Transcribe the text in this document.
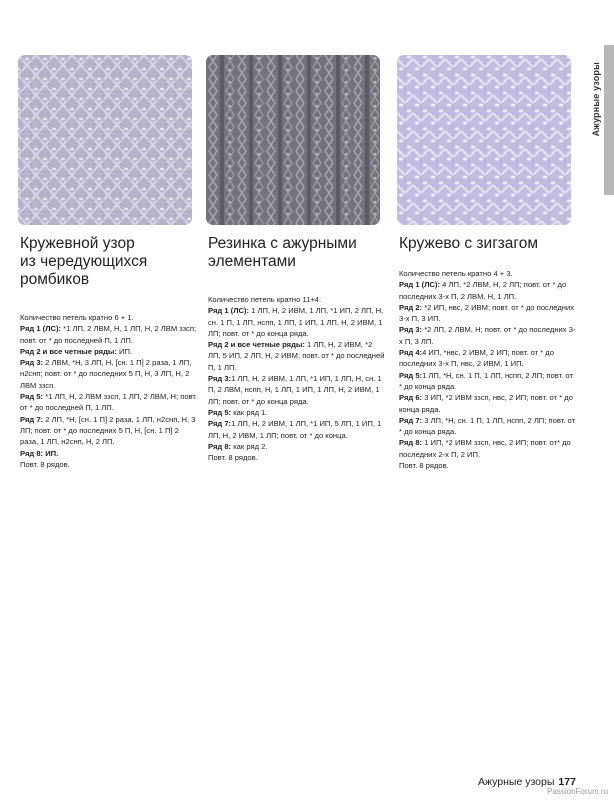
Ажурные узоры
Кружевной узор
из чередующихся
ромбиков

Количество петель кратно 6 + 1.

Ряд 1 (ЛС): *1 ЛП, 2 ЛВМ, Н, 1 ЛП, Н, 2 ЛВМ ззсп; повт. от * до последней П, 1 ЛП.

Ряд 2 и все четные ряды: ИП.

Ряд 3: 2 ЛВМ, *Н, 3 ЛП, Н, [сн. 1 П] 2 раза, 1 ЛП, н2снп; повт. от * до последних 5 П, Н, 3 ЛП, Н, 2 ЛВМ ззсп.

Ряд 5: *1 ЛП, Н, 2 ЛВМ ззсп, 1 ЛП, 2 ЛВМ, Н; повт. от * до последней П, 1 ЛП.

Ряд 7: 2 ЛП, *Н, [сн. 1 П] 2 раза, 1 ЛП, н2снп, Н, 3 ЛП; повт. от * до последних 5 П, Н, [сн. 1 П] 2 раза, 1 ЛП, н2снп, Н, 2 ЛП.

Ряд 8: ИП.

Повт. 8 рядов.

Резинка с ажурными
элементами

Количество петель кратно 11+4.

Ряд 1 (ЛС): 1 ЛП, Н, 2 ИВМ, 1 ЛП, *1 ИП, 2 ЛП, Н, сн. 1 П, 1 ЛП, нспп, 1 ЛП, 1 ИП, 1 ЛП, Н, 2 ИВМ, 1 ЛП; повт. от * до конца ряда.

Ряд 2 и все четные ряды: 1 ЛП, Н, 2 ИВМ, *2 ЛП, 5 ИП, 2 ЛП, Н, 2 ИВМ; повт. от * до последней П, 1 ЛП.

Ряд 3:1 ЛП, Н, 2 ИВМ, 1 ЛП, *1 ИП, 1 ЛП, Н, сн. 1 П, 2 ЛВМ, нспп, Н, 1 ЛП, 1 ИП, 1 ЛП, Н, 2 ИВМ, 1 ЛП; повт. от * до конца ряда.

Ряд 5: как ряд 1.

Ряд 7:1 ЛП, Н, 2 ИВМ, 1 ЛП, *1 ИП, 5 ЛП, 1 ИП, 1 ЛП, Н, 2 ИВМ, 1 ЛП; повт. от * до конца.

Ряд 8: как ряд 2.

Повт. 8 рядов.

Кружево с зигзагом

Количество петель кратно 4 + 3.

Ряд 1 (ЛС): 4 ЛП, *2 ЛВМ, Н, 2 ЛП; повт. от * до последних 3-х П, 2 ЛВМ, Н, 1 ЛП.

Ряд 2: *2 ИП, нвс, 2 ИВМ; повт. от * до последних 3-х П, 3 ИП.

Ряд 3: *2 ЛП, 2 ЛВМ, Н; повт. от * до последних 3-х П, 3 ЛП.

Ряд 4:4 ИП, *нвс, 2 ИВМ, 2 ИП; повт. от * до последних 3-х П, нвс, 2 ИВМ, 1 ИП.

Ряд 5:1 ЛП, *Н, сн. 1 П, 1 ЛП, нспп, 2 ЛП; повт. от * до конца ряда.

Ряд 6: 3 ИП, *2 ИВМ ззсп, нвс, 2 ИП; повт. от * до конца ряда.

Ряд 7: 3 ЛП, *Н, сн. 1 П, 1 ЛП, нспп, 2 ЛП; повт. от * до конца ряда.

Ряд 8: 1 ИП, *2 ИВМ ззсп, нвс, 2 ИП; повт. от* до последних 2-х П, 2 ИП.

Повт. 8 рядов.

Ажурные узоры 177
PassionForum.ru
